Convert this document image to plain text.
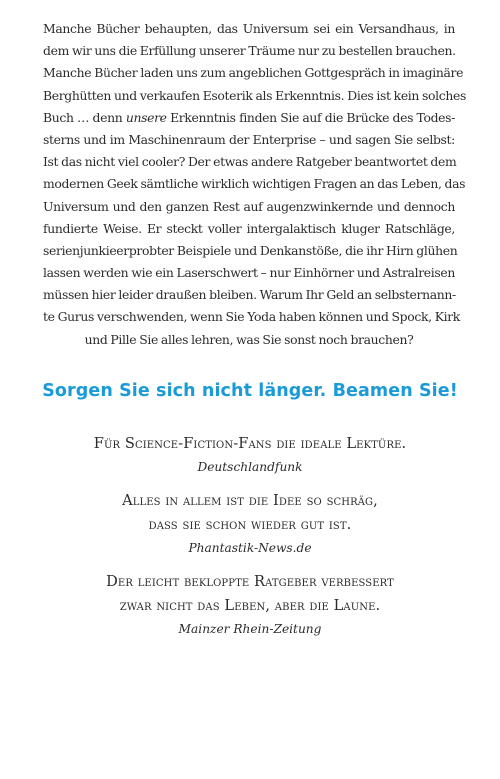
Manche Bücher behaupten, das Universum sei ein Versandhaus, in
dem wir uns die Erfüllung unserer Träume nur zu bestellen brauchen.
Manche Bücher laden uns zum angeblichen Gottgespräch in imaginäre
Berghütten und verkaufen Esoterik als Erkenntnis. Dies ist kein solches
Buch … denn unsere Erkenntnis finden Sie auf die Brücke des Todes-
sterns und im Maschinenraum der Enterprise – und sagen Sie selbst:
Ist das nicht viel cooler? Der etwas andere Ratgeber beantwortet dem
modernen Geek sämtliche wirklich wichtigen Fragen an das Leben, das
Universum und den ganzen Rest auf augenzwinkernde und dennoch
fundierte Weise. Er steckt voller intergalaktisch kluger Ratschläge,
serienjunkieerprobter Beispiele und Denkanstöße, die ihr Hirn glühen
lassen werden wie ein Laserschwert – nur Einhörner und Astralreisen
müssen hier leider draußen bleiben. Warum Ihr Geld an selbsternann-
te Gurus verschwenden, wenn Sie Yoda haben können und Spock, Kirk
und Pille Sie alles lehren, was Sie sonst noch brauchen?
Sorgen Sie sich nicht länger. Beamen Sie!
Für Science-Fiction-Fans die ideale Lektüre.
Deutschlandfunk
Alles in allem ist die Idee so schräg,
dass sie schon wieder gut ist.
Phantastik-News.de
Der leicht bekloppte Ratgeber verbessert
zwar nicht das Leben, aber die Laune.
Mainzer Rhein-Zeitung
